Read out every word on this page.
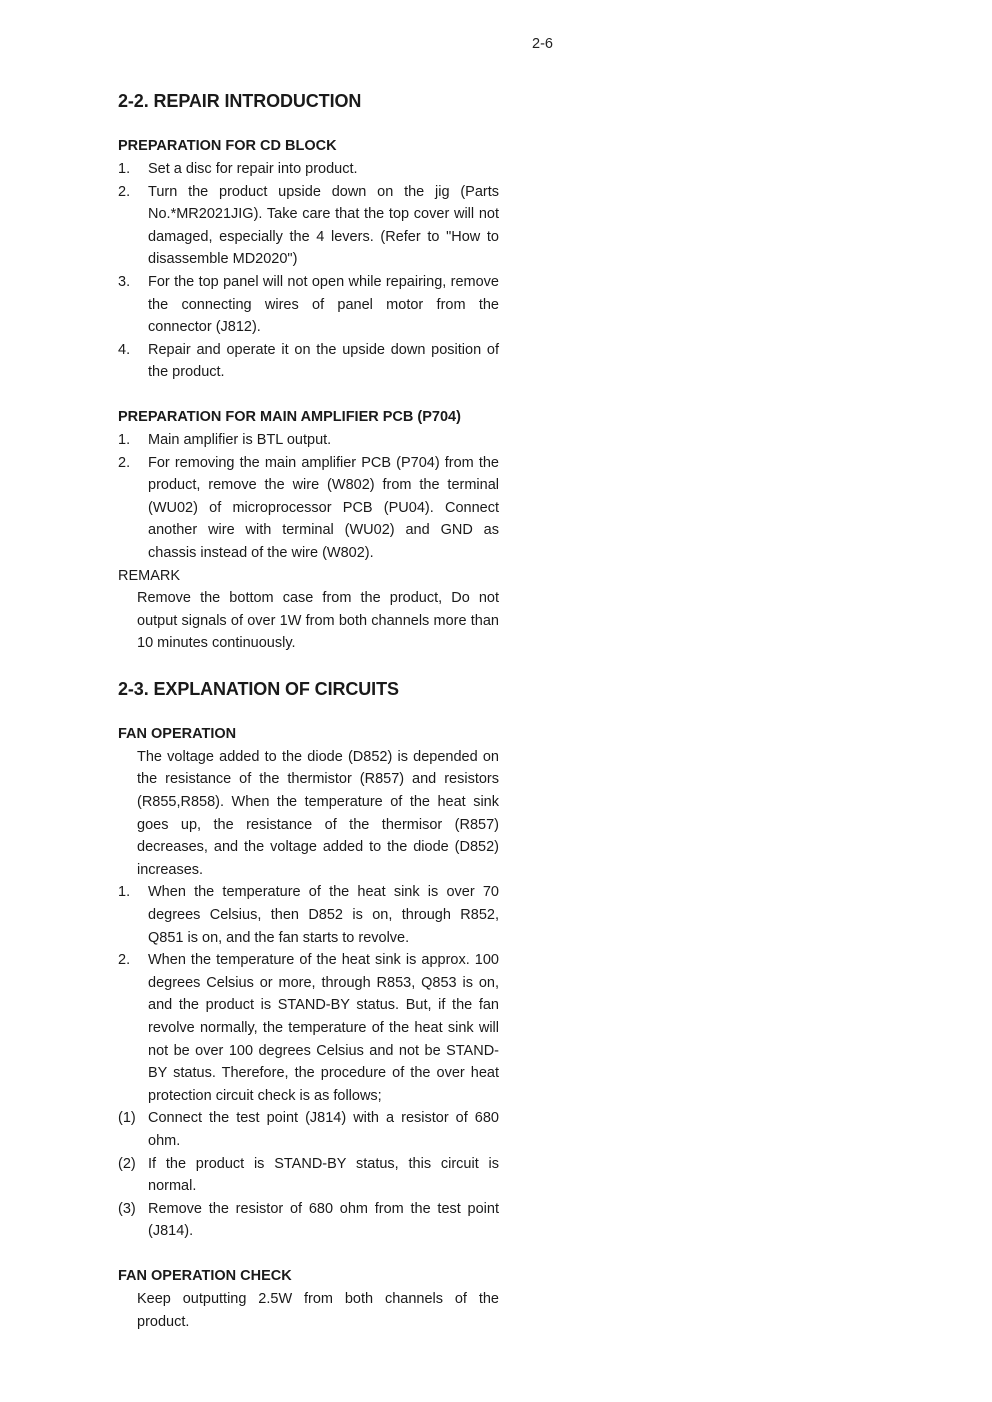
2-6
2-2. REPAIR INTRODUCTION
PREPARATION FOR CD BLOCK
1.	Set a disc for repair into product.
2.	Turn the product upside down on the jig (Parts No.*MR2021JIG). Take care that the top cover will not damaged, especially the 4 levers. (Refer to "How to disassemble MD2020")
3.	For the top panel will not open while repairing, remove the connecting wires of panel motor from the connector (J812).
4.	Repair and operate it on the upside down position of the product.
PREPARATION FOR MAIN AMPLIFIER PCB (P704)
1.	Main amplifier is BTL output.
2.	For removing the main amplifier PCB (P704) from the product, remove the wire (W802) from the terminal (WU02) of microprocessor PCB (PU04). Connect another wire with terminal (WU02) and GND as chassis instead of the wire (W802).
REMARK
Remove the bottom case from the product, Do not output signals of over 1W from both channels more than 10 minutes continuously.
2-3. EXPLANATION OF CIRCUITS
FAN OPERATION
The voltage added to the diode (D852) is depended on the resistance of the thermistor (R857) and resistors (R855,R858). When the temperature of the heat sink goes up, the resistance of the thermisor (R857) decreases, and the voltage added to the diode (D852) increases.
1.	When the temperature of the heat sink is over 70 degrees Celsius, then D852 is on, through R852, Q851 is on, and the fan starts to revolve.
2.	When the temperature of the heat sink is approx. 100 degrees Celsius or more, through R853, Q853 is on, and the product is STAND-BY status. But, if the fan revolve normally, the temperature of the heat sink will not be over 100 degrees Celsius and not be STAND-BY status. Therefore, the procedure of the over heat protection circuit check is as follows;
(1) Connect the test point (J814) with a resistor of 680 ohm.
(2) If the product is STAND-BY status, this circuit is normal.
(3) Remove the resistor of 680 ohm from the test point (J814).
FAN OPERATION CHECK
Keep outputting 2.5W from both channels of the product.
